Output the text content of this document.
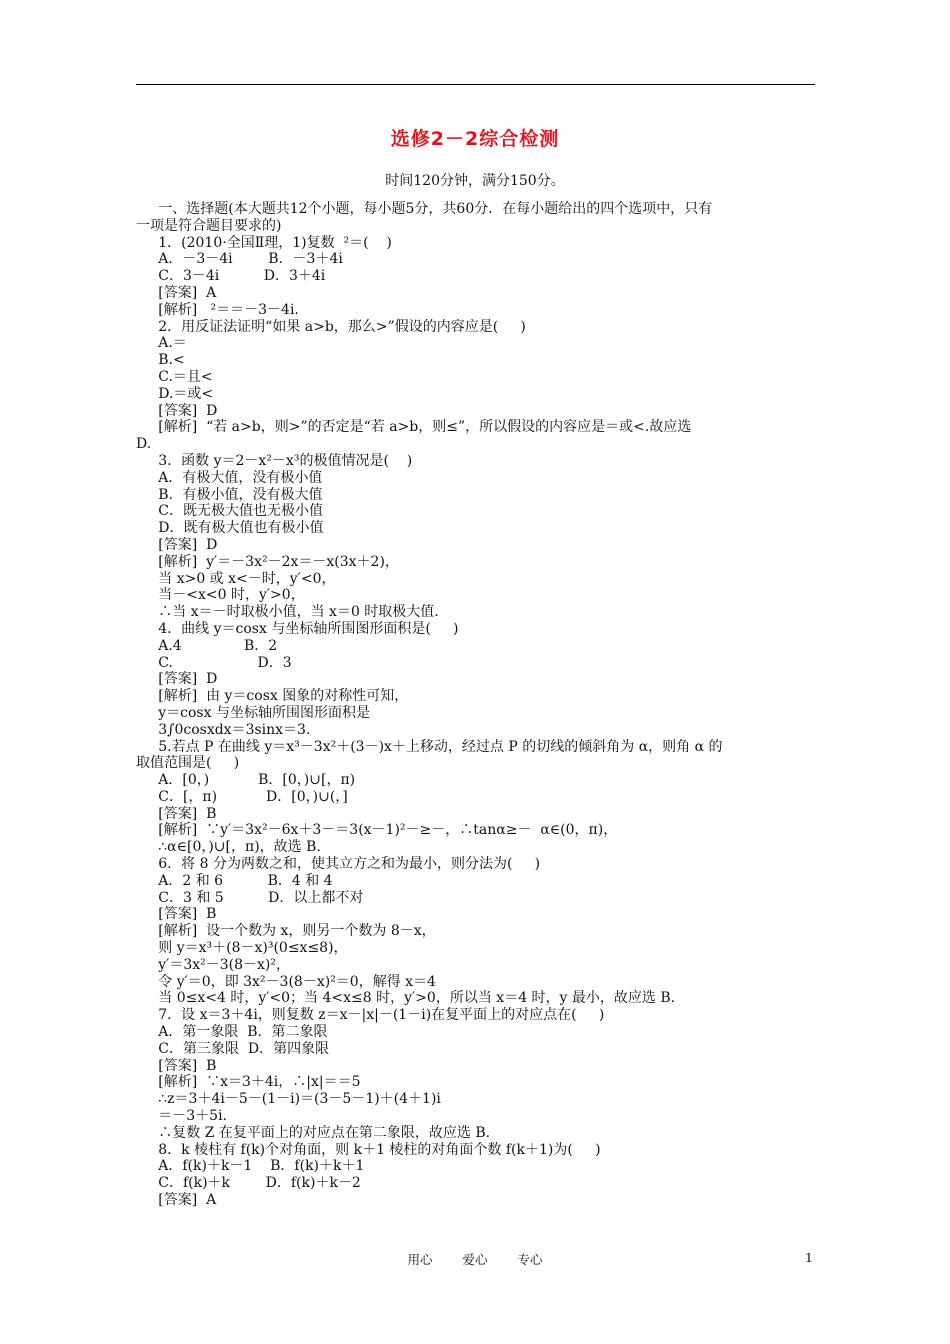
选修2－2综合检测
时间120分钟，满分150分。
一、选择题(本大题共12个小题，每小题5分，共60分．在每小题给出的四个选项中，只有
一项是符合题目要求的)
1．(2010·全国Ⅱ理，1)复数  ²＝(    )
A．－3－4i        B．－3＋4i
C．3－4i          D．3＋4i
[答案]  A
[解析]   ²＝＝－3－4i.
2．用反证法证明“如果 a>b，那么>”假设的内容应是(     )
A.＝
B.<
C.＝且<
D.＝或<
[答案]  D
[解析]  “若 a>b，则>”的否定是“若 a>b，则≤”，所以假设的内容应是＝或<.故应选
D.
3．函数 y＝2－x²－x³的极值情况是(    )
A．有极大值，没有极小值
B．有极小值，没有极大值
C．既无极大值也无极小值
D．既有极大值也有极小值
[答案]  D
[解析]  y′＝－3x²－2x＝－x(3x＋2)，
当 x>0 或 x<－时，y′<0，
当－<x<0 时，y′>0，
∴当 x＝－时取极小值，当 x＝0 时取极大值.
4．曲线 y＝cosx 与坐标轴所围图形面积是(     )
A.4              B．2
C.                   D．3
[答案]  D
[解析]  由 y＝cosx 图象的对称性可知，
y＝cosx 与坐标轴所围图形面积是
3∫0cosxdx＝3sinx＝3.
5.若点 P 在曲线 y＝x³－3x²＋(3－)x＋上移动，经过点 P 的切线的倾斜角为 α，则角 α 的
取值范围是(     )
A．[0，)           B．[0，)∪[，π)
C．[，π)           D．[0，)∪(，]
[答案]  B
[解析]  ∵y′＝3x²－6x＋3－＝3(x－1)²－≥－，∴tanα≥－  α∈(0，π)，
∴α∈[0，)∪[，π)，故选 B.
6．将 8 分为两数之和，使其立方之和为最小，则分法为(     )
A．2 和 6          B．4 和 4
C．3 和 5          D．以上都不对
[答案]  B
[解析]  设一个数为 x，则另一个数为 8－x，
则 y＝x³＋(8－x)³(0≤x≤8)，
y′＝3x²－3(8－x)²，
令 y′＝0，即 3x²－3(8－x)²＝0，解得 x＝4
当 0≤x<4 时，y′<0；当 4<x≤8 时，y′>0，所以当 x＝4 时，y 最小，故应选 B.
7．设 x＝3＋4i，则复数 z＝x－|x|－(1－i)在复平面上的对应点在(     )
A．第一象限  B．第二象限
C．第三象限  D．第四象限
[答案]  B
[解析]  ∵x＝3＋4i，∴|x|＝＝5
∴z＝3＋4i－5－(1－i)＝(3－5－1)＋(4＋1)i
＝－3＋5i.
∴复数 Z 在复平面上的对应点在第二象限，故应选 B.
8．k 棱柱有 f(k)个对角面，则 k＋1 棱柱的对角面个数 f(k＋1)为(     )
A．f(k)＋k－1    B．f(k)＋k＋1
C．f(k)＋k        D．f(k)＋k－2
[答案]  A
用心 爱心 专心	1
